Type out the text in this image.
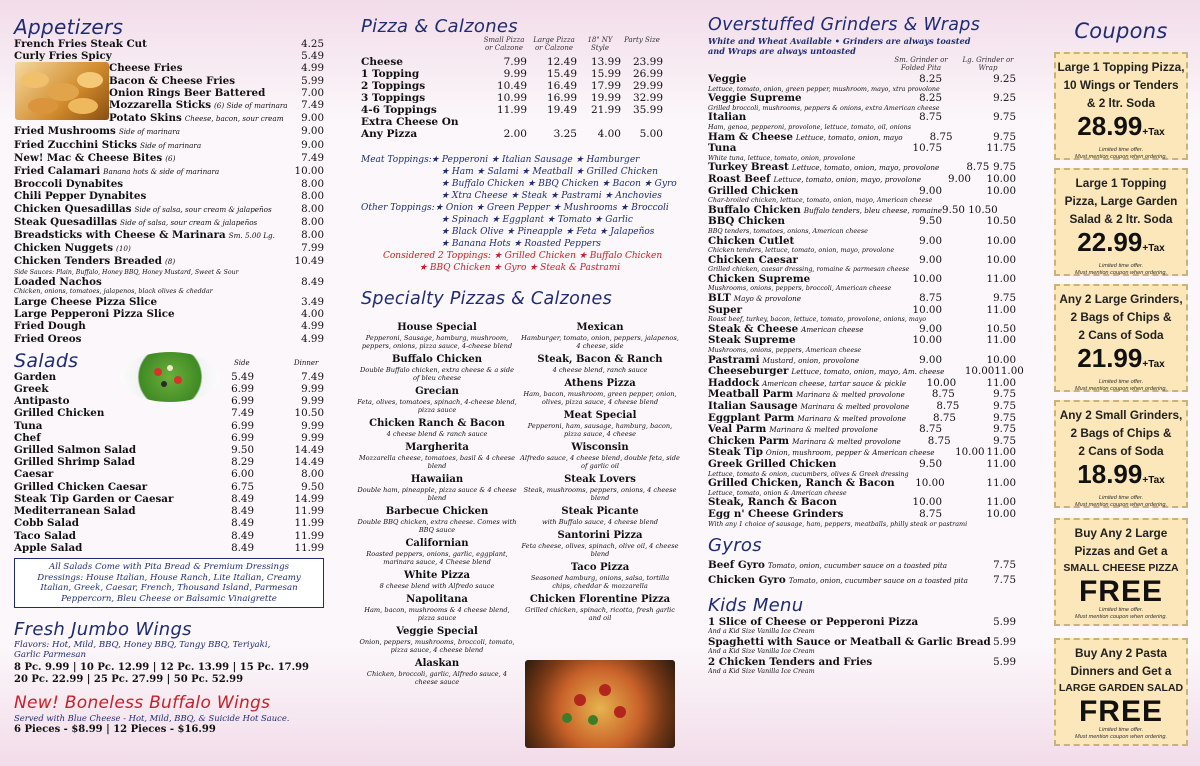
Appetizers
French Fries Steak Cut	4.25
Curly Fries Spicy	5.49
Cheese Fries	4.99
Bacon & Cheese Fries	5.99
Onion Rings Beer Battered	7.00
Mozzarella Sticks (6) Side of marinara 7.49
Potato Skins Cheese, bacon, sour cream 9.00
Fried Mushrooms Side of marinara	9.00
Fried Zucchini Sticks Side of marinara	9.00
New! Mac & Cheese Bites (6)	7.49
Fried Calamari Banana hots & side of marinara	10.00
Broccoli Dynabites	8.00
Chili Pepper Dynabites	8.00
Chicken Quesadillas Side of salsa, sour cream & jalapeños	8.00
Steak Quesadillas Side of salsa, sour cream & jalapeños	8.00
Breadsticks with Cheese & Marinara Sm. 5.00 Lg.	8.00
Chicken Nuggets (10)	7.99
Chicken Tenders Breaded (8)	10.49
Side Sauces: Plain, Buffalo, Honey BBQ, Honey Mustard, Sweet & Sour
Loaded Nachos	8.49
Chicken, onions, tomatoes, jalapenos, black olives & cheddar
Large Cheese Pizza Slice	3.49
Large Pepperoni Pizza Slice	4.00
Fried Dough	4.99
Fried Oreos	4.99
Salads	Side	Dinner
Garden	5.49	7.49
Greek	6.99	9.99
Antipasto	6.99	9.99
Grilled Chicken	7.49	10.50
Tuna	6.99	9.99
Chef	6.99	9.99
Grilled Salmon Salad	9.50	14.49
Grilled Shrimp Salad	8.29	14.49
Caesar	6.00	8.00
Grilled Chicken Caesar	6.75	9.50
Steak Tip Garden or Caesar	8.49	14.99
Mediterranean Salad	8.49	11.99
Cobb Salad	8.49	11.99
Taco Salad	8.49	11.99
Apple Salad	8.49	11.99
All Salads Come with Pita Bread & Premium Dressings
Dressings: House Italian, House Ranch, Lite Italian, Creamy
Italian, Greek, Caesar, French, Thousand Island, Parmesan
Peppercorn, Bleu Cheese or Balsamic Vinaigrette
Fresh Jumbo Wings
Flavors: Hot, Mild, BBQ, Honey BBQ, Tangy BBQ, Teriyaki,
Garlic Parmesan
8 Pc. 9.99 | 10 Pc. 12.99 | 12 Pc. 13.99 | 15 Pc. 17.99
20 Pc. 22.99 | 25 Pc. 27.99 | 50 Pc. 52.99
New! Boneless Buffalo Wings
Served with Blue Cheese - Hot, Mild, BBQ, & Suicide Hot Sauce.
6 Pieces - $8.99 | 12 Pieces - $16.99
Pizza & Calzones
Small Pizza or Calzone
Large Pizza or Calzone
18" NY Style
Party Size
Cheese	7.99	12.49	13.99	23.99
1 Topping	9.99	15.49	15.99	26.99
2 Toppings	10.49	16.49	17.99	29.99
3 Toppings	10.99	16.99	19.99	32.99
4-6 Toppings	11.99	19.49	21.99	35.99
Extra Cheese On
Any Pizza	2.00	3.25	4.00	5.00
Meat Toppings: ★ Pepperoni ★ Italian Sausage ★ Hamburger
★ Ham ★ Salami ★ Meatball ★ Grilled Chicken
★ Buffalo Chicken ★ BBQ Chicken ★ Bacon ★ Gyro
★ Xtra Cheese ★ Steak ★ Pastrami ★ Anchovies
Other Toppings: ★ Onion ★ Green Pepper ★ Mushrooms ★ Broccoli
★ Spinach ★ Eggplant ★ Tomato ★ Garlic
★ Black Olive ★ Pineapple ★ Feta ★ Jalapeños
★ Banana Hots ★ Roasted Peppers
Considered 2 Toppings: ★ Grilled Chicken ★ Buffalo Chicken
★ BBQ Chicken ★ Gyro ★ Steak & Pastrami
Specialty Pizzas & Calzones
House Special
Pepperoni, Sausage, hamburg, mushroom, peppers, onions, pizza sauce, 4-cheese blend
Buffalo Chicken
Double Buffalo chicken, extra cheese & a side of bleu cheese
Grecian
Feta, olives, tomatoes, spinach, 4-cheese blend, pizza sauce
Chicken Ranch & Bacon
4 cheese blend & ranch sauce
Margherita
Mozzarella cheese, tomatoes, basil & 4 cheese blend
Hawaiian
Double ham, pineapple, pizza sauce & 4 cheese blend
Barbecue Chicken
Double BBQ chicken, extra cheese. Comes with BBQ sauce
Californian
Roasted peppers, onions, garlic, eggplant, marinara sauce, 4 Cheese blend
White Pizza
8 cheese blend with Alfredo sauce
Napolitana
Ham, bacon, mushrooms & 4 cheese blend, pizza sauce
Veggie Special
Onion, peppers, mushrooms, broccoli, tomato, pizza sauce, 4 cheese blend
Alaskan
Chicken, broccoli, garlic, Alfredo sauce, 4 cheese sauce
Mexican
Hamburger, tomato, onion, peppers, jalapenos, 4 cheese, side
Steak, Bacon & Ranch
4 cheese blend, ranch sauce
Athens Pizza
Ham, bacon, mushroom, green pepper, onion, olives, pizza sauce, 4 cheese blend
Meat Special
Pepperoni, ham, sausage, hamburg, bacon, pizza sauce, 4 cheese
Wisconsin
Alfredo sauce, 4 cheese blend, double feta, side of garlic oil
Steak Lovers
Steak, mushrooms, peppers, onions, 4 cheese blend
Steak Picante
with Buffalo sauce, 4 cheese blend
Santorini Pizza
Feta cheese, olives, spinach, olive oil, 4 cheese blend
Taco Pizza
Seasoned hamburg, onions, salsa, tortilla chips, cheddar & mozzarella
Chicken Florentine Pizza
Grilled chicken, spinach, ricotta, fresh garlic and oil
Overstuffed Grinders & Wraps
White and Wheat Available • Grinders are always toasted
and Wraps are always untoasted
Sm. Grinder or Folded Pita
Lg. Grinder or Wrap
Veggie	8.25	9.25
Lettuce, tomato, onion, green pepper, mushroom, mayo, xtra provolone
Veggie Supreme	8.25	9.25
Grilled broccoli, mushrooms, peppers & onions, extra American cheese
Italian	8.75	9.75
Ham, genoa, pepperoni, provolone, lettuce, tomato, oil, onions
Ham & Cheese Lettuce, tomato, onion, mayo	8.75	9.75
Tuna	10.75	11.75
White tuna, lettuce, tomato, onion, provolone
Turkey Breast Lettuce, tomato, onion, mayo, provolone	8.75 9.75
Roast Beef Lettuce, tomato, onion, mayo, provolone	9.00	10.00
Grilled Chicken	9.00	10.00
Char-broiled chicken, lettuce, tomato, onion, mayo, American cheese
Buffalo Chicken Buffalo tenders, bleu cheese, romaine 9.50 10.50
BBQ Chicken	9.50	10.50
BBQ tenders, tomatoes, onions, American cheese
Chicken Cutlet	9.00	10.00
Chicken tenders, lettuce, tomato, onion, mayo, provolone
Chicken Caesar	9.00	10.00
Grilled chicken, caesar dressing, romaine & parmesan cheese
Chicken Supreme	10.00	11.00
Mushrooms, onions, peppers, broccoli, American cheese
BLT Mayo & provolone	8.75	9.75
Super	10.00	11.00
Roast beef, turkey, bacon, lettuce, tomato, provolone, onions, mayo
Steak & Cheese American cheese	9.00	10.50
Steak Supreme	10.00	11.00
Mushrooms, onions, peppers, American cheese
Pastrami Mustard, onion, provolone	9.00	10.00
Cheeseburger Lettuce, tomato, onion, mayo, Am. cheese	10.00 11.00
Haddock American cheese, tartar sauce & pickle	10.00	11.00
Meatball Parm Marinara & melted provolone	8.75	9.75
Italian Sausage Marinara & melted provolone	8.75	9.75
Eggplant Parm Marinara & melted provolone	8.75	9.75
Veal Parm Marinara & melted provolone	8.75	9.75
Chicken Parm Marinara & melted provolone	8.75	9.75
Steak Tip Onion, mushroom, pepper & American cheese	10.00 11.00
Greek Grilled Chicken	9.50	11.00
Lettuce, tomato & onion, cucumbers, olives & Greek dressing
Grilled Chicken, Ranch & Bacon	10.00	11.00
Lettuce, tomato, onion & American cheese
Steak, Ranch & Bacon	10.00	11.00
Egg n' Cheese Grinders	8.75	10.00
With any 1 choice of sausage, ham, peppers, meatballs, philly steak or pastrami
Gyros
Beef Gyro Tomato, onion, cucumber sauce on a toasted pita	7.75
Chicken Gyro Tomato, onion, cucumber sauce on a toasted pita 7.75
Kids Menu
1 Slice of Cheese or Pepperoni Pizza	5.99
And a Kid Size Vanilla Ice Cream
Spaghetti with Sauce or Meatball & Garlic Bread 5.99
And a Kid Size Vanilla Ice Cream
2 Chicken Tenders and Fries	5.99
And a Kid Size Vanilla Ice Cream
Coupons
Large 1 Topping Pizza,
10 Wings or Tenders
& 2 ltr. Soda
28.99+Tax
Limited time offer.
Must mention coupon when ordering.
Large 1 Topping
Pizza, Large Garden
Salad & 2 ltr. Soda
22.99+Tax
Limited time offer.
Must mention coupon when ordering.
Any 2 Large Grinders,
2 Bags of Chips &
2 Cans of Soda
21.99+Tax
Limited time offer.
Must mention coupon when ordering.
Any 2 Small Grinders,
2 Bags of Chips &
2 Cans of Soda
18.99+Tax
Limited time offer.
Must mention coupon when ordering.
Buy Any 2 Large
Pizzas and Get a
SMALL CHEESE PIZZA
FREE
Limited time offer.
Must mention coupon when ordering.
Buy Any 2 Pasta
Dinners and Get a
LARGE GARDEN SALAD
FREE
Limited time offer.
Must mention coupon when ordering.
